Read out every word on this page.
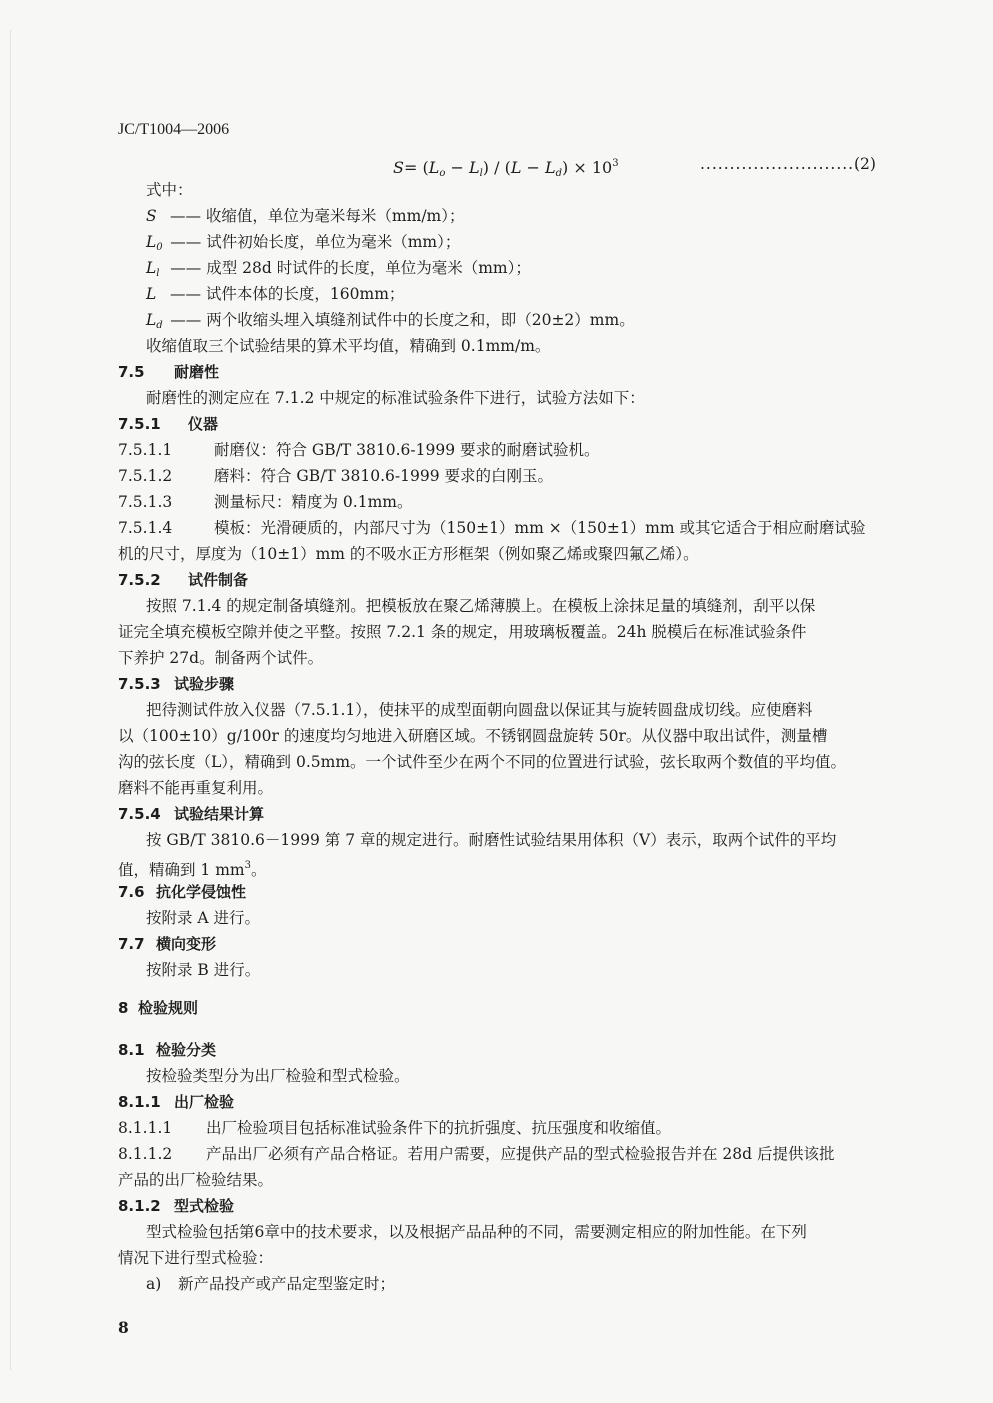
JC/T1004—2006
$S= (L_o - L_l) / (L - L_d) \times 10^3$	...........................
(2)
式中：
S —— 收缩值，单位为毫米每米（mm/m）；
L0 —— 试件初始长度，单位为毫米（mm）；
Ll —— 成型 28d 时试件的长度，单位为毫米（mm）；
L —— 试件本体的长度，160mm；
Ld —— 两个收缩头埋入填缝剂试件中的长度之和，即（20±2）mm。
收缩值取三个试验结果的算术平均值，精确到 0.1mm/m。
7.5 耐磨性
耐磨性的测定应在 7.1.2 中规定的标准试验条件下进行，试验方法如下：
7.5.1 仪器
7.5.1.1	耐磨仪：符合 GB/T 3810.6-1999 要求的耐磨试验机。
7.5.1.2	磨料：符合 GB/T 3810.6-1999 要求的白刚玉。
7.5.1.3	测量标尺：精度为 0.1mm。
7.5.1.4	模板：光滑硬质的，内部尺寸为（150±1）mm ×（150±1）mm 或其它适合于相应耐磨试验
机的尺寸，厚度为（10±1）mm 的不吸水正方形框架（例如聚乙烯或聚四氟乙烯）。
7.5.2 试件制备
按照 7.1.4 的规定制备填缝剂。把模板放在聚乙烯薄膜上。在模板上涂抹足量的填缝剂，刮平以保
证完全填充模板空隙并使之平整。按照 7.2.1 条的规定，用玻璃板覆盖。24h 脱模后在标准试验条件
下养护 27d。制备两个试件。
7.5.3 试验步骤
把待测试件放入仪器（7.5.1.1），使抹平的成型面朝向圆盘以保证其与旋转圆盘成切线。应使磨料
以（100±10）g/100r 的速度均匀地进入研磨区域。不锈钢圆盘旋转 50r。从仪器中取出试件，测量槽
沟的弦长度（L），精确到 0.5mm。一个试件至少在两个不同的位置进行试验，弦长取两个数值的平均值。
磨料不能再重复利用。
7.5.4 试验结果计算
按 GB/T 3810.6－1999 第 7 章的规定进行。耐磨性试验结果用体积（V）表示，取两个试件的平均
值，精确到 1 $mm^3$。
7.6 抗化学侵蚀性
按附录 A 进行。
7.7 横向变形
按附录 B 进行。
8 检验规则
8.1 检验分类
按检验类型分为出厂检验和型式检验。
8.1.1 出厂检验
8.1.1.1 出厂检验项目包括标准试验条件下的抗折强度、抗压强度和收缩值。
8.1.1.2 产品出厂必须有产品合格证。若用户需要，应提供产品的型式检验报告并在 28d 后提供该批
产品的出厂检验结果。
8.1.2 型式检验
型式检验包括第6章中的技术要求，以及根据产品品种的不同，需要测定相应的附加性能。在下列
情况下进行型式检验：
a) 新产品投产或产品定型鉴定时；
8
